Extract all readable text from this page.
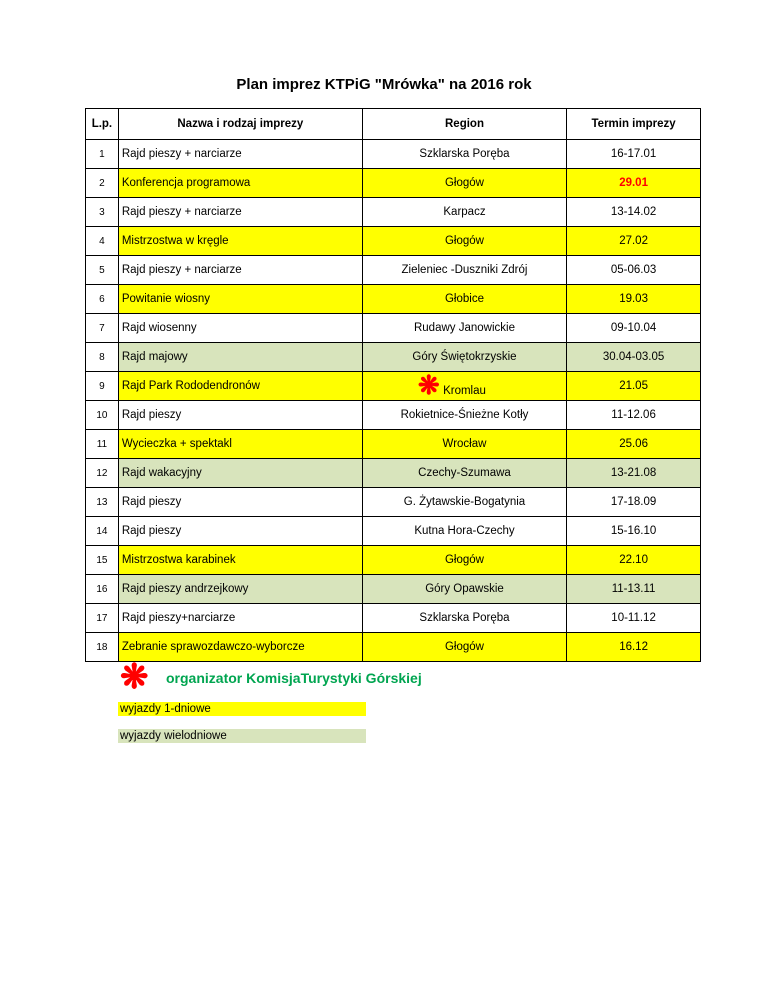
Plan imprez KTPiG "Mrówka" na 2016 rok
L.p.	Nazwa i rodzaj imprezy	Region	Termin imprezy
1	Rajd pieszy + narciarze	Szklarska Poręba	16-17.01
2	Konferencja programowa	Głogów	29.01
3	Rajd pieszy + narciarze	Karpacz	13-14.02
4	Mistrzostwa w kręgle	Głogów	27.02
5	Rajd pieszy + narciarze	Zieleniec -Duszniki Zdrój	05-06.03
6	Powitanie wiosny	Głobice	19.03
7	Rajd wiosenny	Rudawy Janowickie	09-10.04
8	Rajd majowy	Góry Świętokrzyskie	30.04-03.05
9	Rajd Park Rododendronów	❋ Kromlau	21.05
10	Rajd pieszy	Rokietnice-Śnieżne Kotły	11-12.06
11	Wycieczka + spektakl	Wrocław	25.06
12	Rajd wakacyjny	Czechy-Szumawa	13-21.08
13	Rajd pieszy	G. Żytawskie-Bogatynia	17-18.09
14	Rajd pieszy	Kutna Hora-Czechy	15-16.10
15	Mistrzostwa karabinek	Głogów	22.10
16	Rajd pieszy andrzejkowy	Góry Opawskie	11-13.11
17	Rajd pieszy+narciarze	Szklarska Poręba	10-11.12
18	Zebranie sprawozdawczo-wyborcze	Głogów	16.12
❋ organizator KomisjaTurystyki Górskiej
wyjazdy 1-dniowe
wyjazdy wielodniowe
